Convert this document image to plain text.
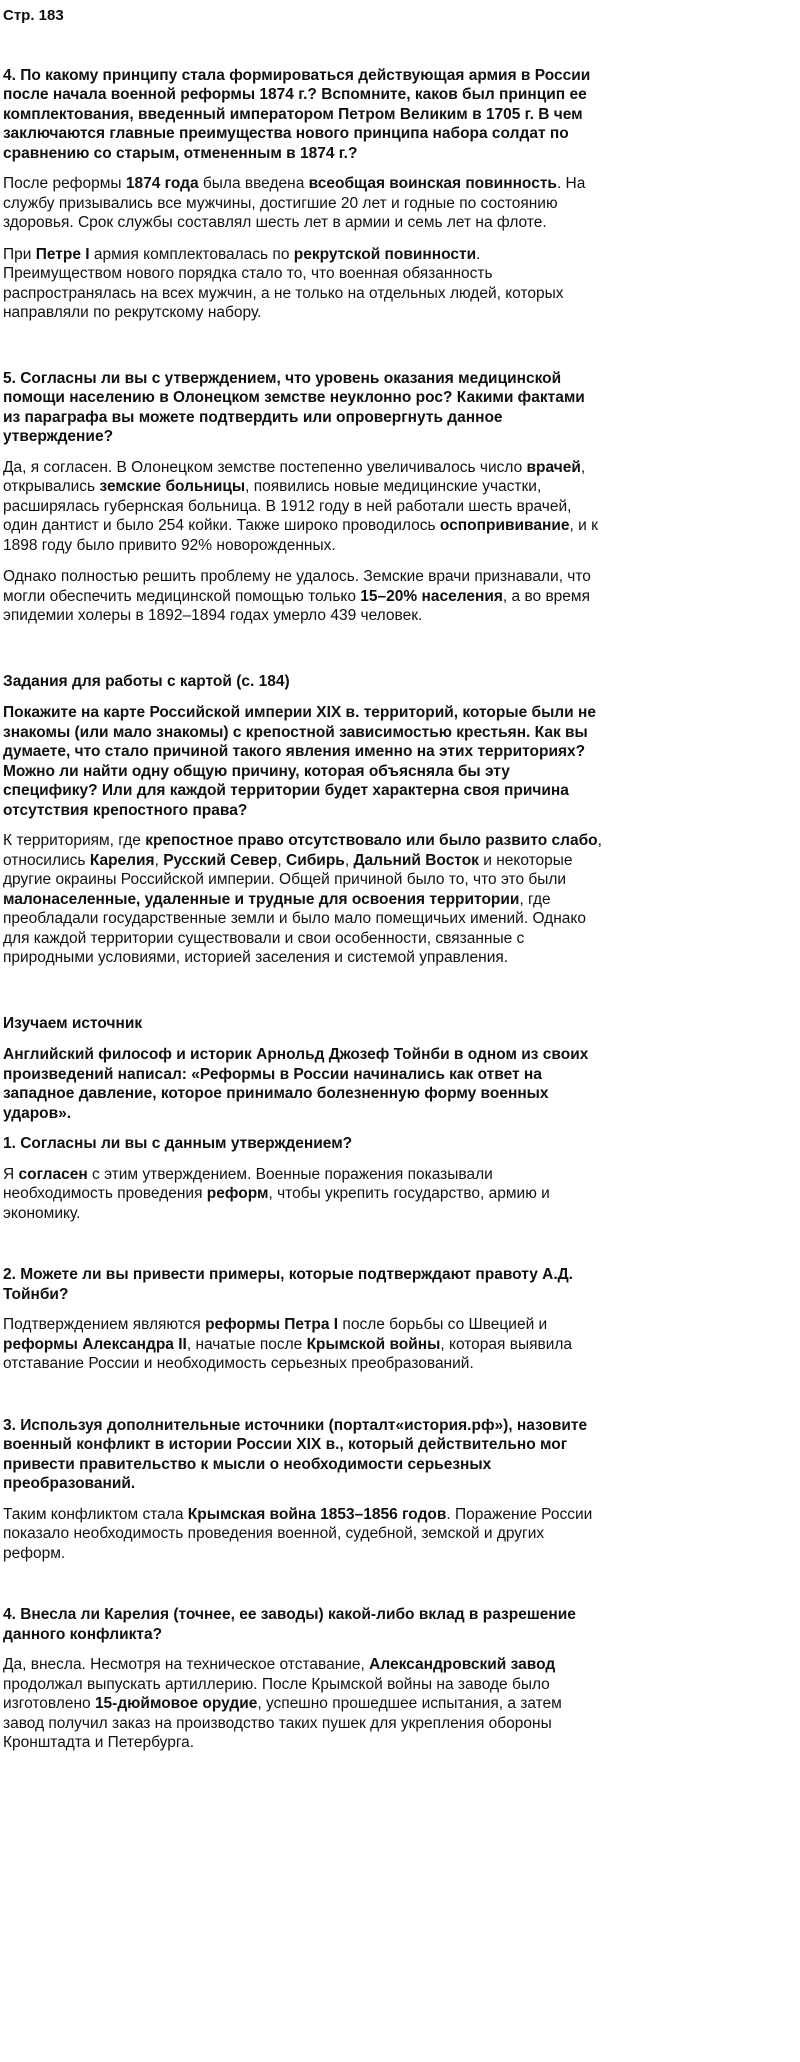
Стр. 183
4. По какому принципу стала формироваться действующая армия в России после начала военной реформы 1874 г.? Вспомните, каков был принцип ее комплектования, введенный императором Петром Великим в 1705 г. В чем заключаются главные преимущества нового принципа набора солдат по сравнению со старым, отмененным в 1874 г.?
После реформы 1874 года была введена всеобщая воинская повинность. На службу призывались все мужчины, достигшие 20 лет и годные по состоянию здоровья. Срок службы составлял шесть лет в армии и семь лет на флоте.
При Петре I армия комплектовалась по рекрутской повинности. Преимуществом нового порядка стало то, что военная обязанность распространялась на всех мужчин, а не только на отдельных людей, которых направляли по рекрутскому набору.
5. Согласны ли вы с утверждением, что уровень оказания медицинской помощи населению в Олонецком земстве неуклонно рос? Какими фактами из параграфа вы можете подтвердить или опровергнуть данное утверждение?
Да, я согласен. В Олонецком земстве постепенно увеличивалось число врачей, открывались земские больницы, появились новые медицинские участки, расширялась губернская больница. В 1912 году в ней работали шесть врачей, один дантист и было 254 койки. Также широко проводилось оспопрививание, и к 1898 году было привито 92% новорожденных.
Однако полностью решить проблему не удалось. Земские врачи признавали, что могли обеспечить медицинской помощью только 15–20% населения, а во время эпидемии холеры в 1892–1894 годах умерло 439 человек.
Задания для работы с картой (с. 184)
Покажите на карте Российской империи XIX в. территорий, которые были не знакомы (или мало знакомы) с крепостной зависимостью крестьян. Как вы думаете, что стало причиной такого явления именно на этих территориях? Можно ли найти одну общую причину, которая объясняла бы эту специфику? Или для каждой территории будет характерна своя причина отсутствия крепостного права?
К территориям, где крепостное право отсутствовало или было развито слабо, относились Карелия, Русский Север, Сибирь, Дальний Восток и некоторые другие окраины Российской империи. Общей причиной было то, что это были малонаселенные, удаленные и трудные для освоения территории, где преобладали государственные земли и было мало помещичьих имений. Однако для каждой территории существовали и свои особенности, связанные с природными условиями, историей заселения и системой управления.
Изучаем источник
Английский философ и историк Арнольд Джозеф Тойнби в одном из своих произведений написал: «Реформы в России начинались как ответ на западное давление, которое принимало болезненную форму военных ударов».
1. Согласны ли вы с данным утверждением?
Я согласен с этим утверждением. Военные поражения показывали необходимость проведения реформ, чтобы укрепить государство, армию и экономику.
2. Можете ли вы привести примеры, которые подтверждают правоту А.Д. Тойнби?
Подтверждением являются реформы Петра I после борьбы со Швецией и реформы Александра II, начатые после Крымской войны, которая выявила отставание России и необходимость серьезных преобразований.
3. Используя дополнительные источники (порталт«история.рф»), назовите военный конфликт в истории России XIX в., который действительно мог привести правительство к мысли о необходимости серьезных преобразований.
Таким конфликтом стала Крымская война 1853–1856 годов. Поражение России показало необходимость проведения военной, судебной, земской и других реформ.
4. Внесла ли Карелия (точнее, ее заводы) какой-либо вклад в разрешение данного конфликта?
Да, внесла. Несмотря на техническое отставание, Александровский завод продолжал выпускать артиллерию. После Крымской войны на заводе было изготовлено 15-дюймовое орудие, успешно прошедшее испытания, а затем завод получил заказ на производство таких пушек для укрепления обороны Кронштадта и Петербурга.
